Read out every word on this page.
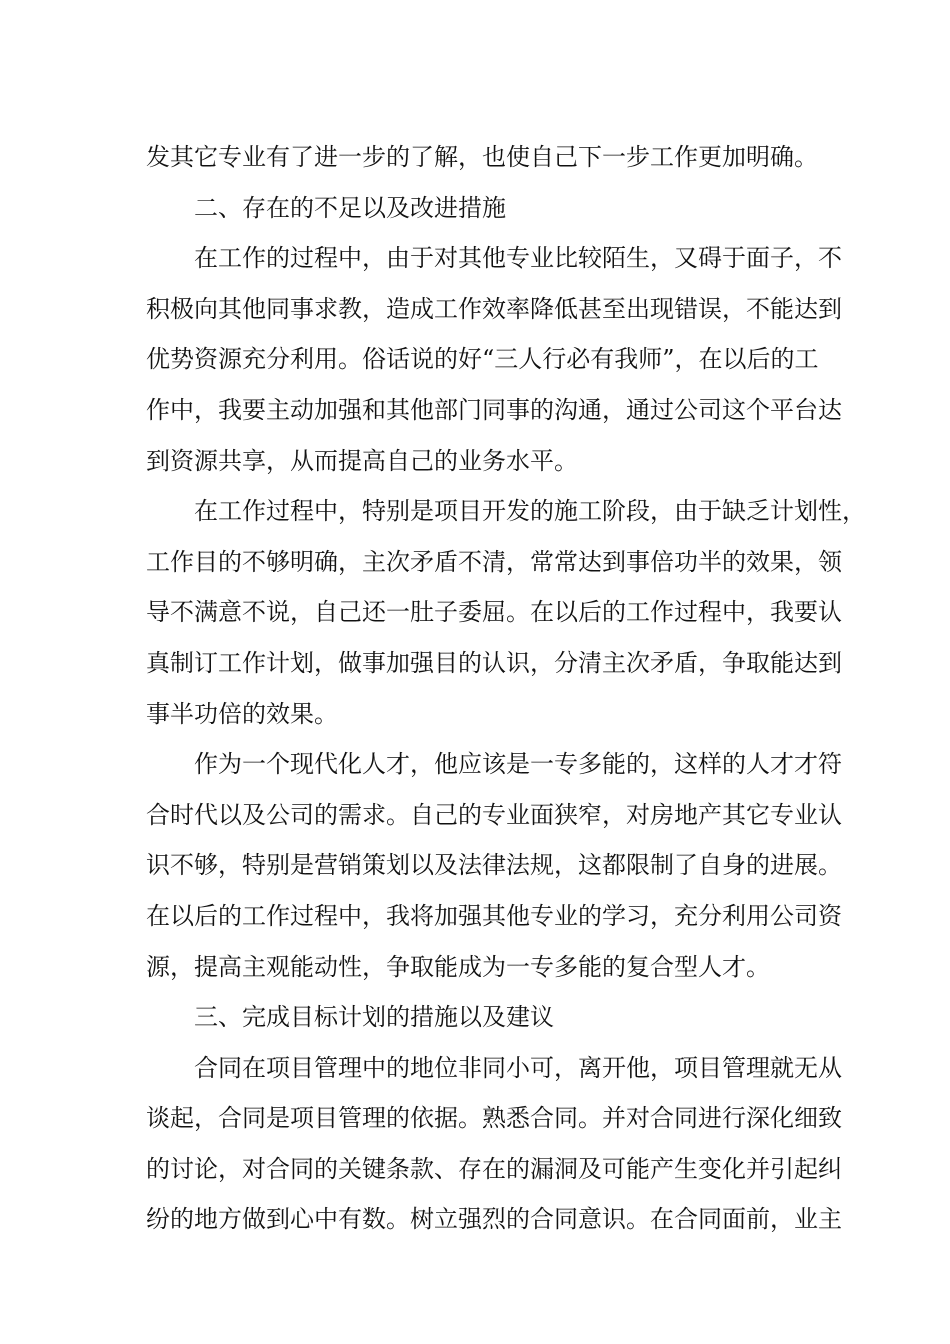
发其它专业有了进一步的了解，也使自己下一步工作更加明确。
二、存在的不足以及改进措施
在工作的过程中，由于对其他专业比较陌生，又碍于面子，不
积极向其他同事求教，造成工作效率降低甚至出现错误，不能达到
优势资源充分利用。俗话说的好“三人行必有我师”，在以后的工
作中，我要主动加强和其他部门同事的沟通，通过公司这个平台达
到资源共享，从而提高自己的业务水平。
在工作过程中，特别是项目开发的施工阶段，由于缺乏计划性，
工作目的不够明确，主次矛盾不清，常常达到事倍功半的效果，领
导不满意不说，自己还一肚子委屈。在以后的工作过程中，我要认
真制订工作计划，做事加强目的认识，分清主次矛盾，争取能达到
事半功倍的效果。
作为一个现代化人才，他应该是一专多能的，这样的人才才符
合时代以及公司的需求。自己的专业面狭窄，对房地产其它专业认
识不够，特别是营销策划以及法律法规，这都限制了自身的进展。
在以后的工作过程中，我将加强其他专业的学习，充分利用公司资
源，提高主观能动性，争取能成为一专多能的复合型人才。
三、完成目标计划的措施以及建议
合同在项目管理中的地位非同小可，离开他，项目管理就无从
谈起，合同是项目管理的依据。熟悉合同。并对合同进行深化细致
的讨论，对合同的关键条款、存在的漏洞及可能产生变化并引起纠
纷的地方做到心中有数。树立强烈的合同意识。在合同面前，业主
